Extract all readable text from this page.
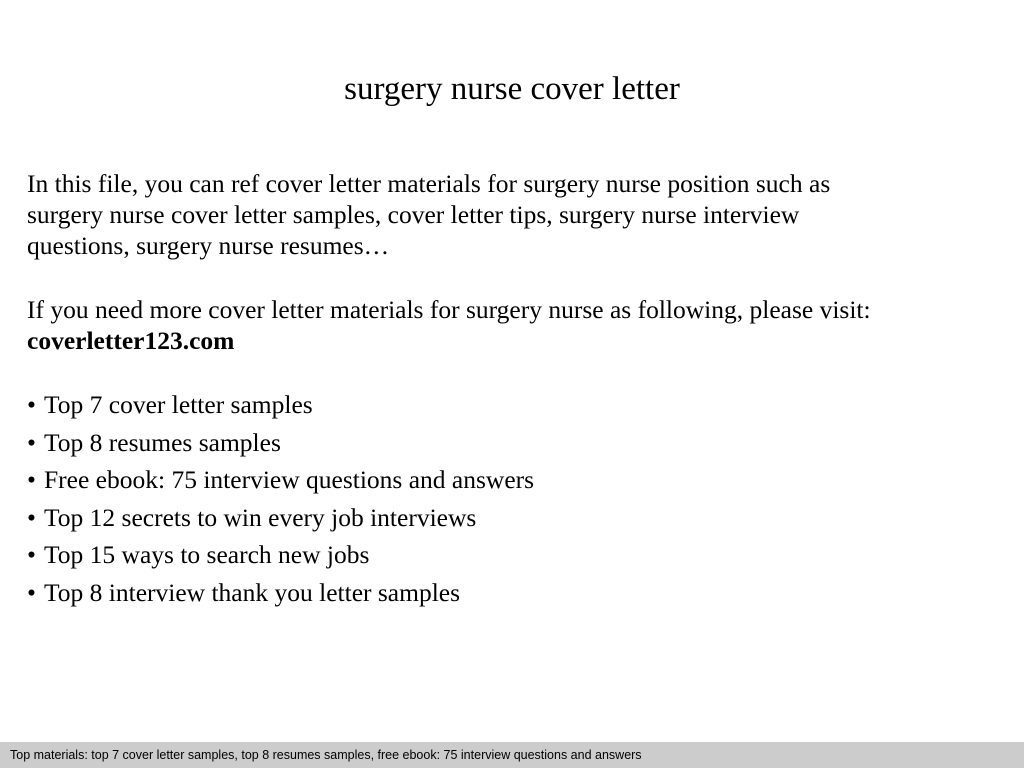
surgery nurse cover letter

In this file, you can ref cover letter materials for surgery nurse position such as

surgery nurse cover letter samples, cover letter tips, surgery nurse interview

questions, surgery nurse resumes…

If you need more cover letter materials for surgery nurse as following, please visit:

coverletter123.com

• Top 7 cover letter samples
• Top 8 resumes samples
• Free ebook: 75 interview questions and answers
• Top 12 secrets to win every job interviews
• Top 15 ways to search new jobs
• Top 8 interview thank you letter samples
Top materials: top 7 cover letter samples, top 8 resumes samples, free ebook: 75 interview questions and answers
